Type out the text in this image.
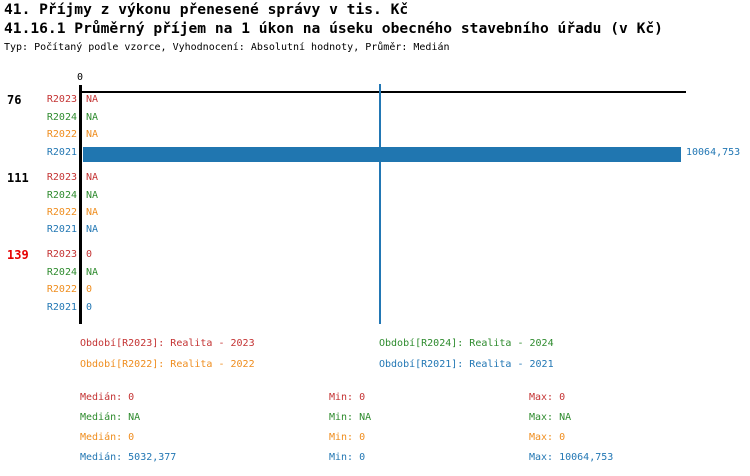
41. Příjmy z výkonu přenesené správy v tis. Kč
41.16.1 Průměrný příjem na 1 úkon na úseku obecného stavebního úřadu (v Kč)
Typ: Počítaný podle vzorce, Vyhodnocení: Absolutní hodnoty, Průměr: Medián
0
76	R2023 NA
R2024 NA
R2022 NA
R2021	10064,753
111	R2023 NA
R2024 NA
R2022 NA
R2021 NA
139	R2023 0
R2024 NA
R2022 0
R2021 0
Období[R2023]: Realita - 2023	Období[R2024]: Realita - 2024
Období[R2022]: Realita - 2022	Období[R2021]: Realita - 2021
Medián: 0	Min: 0	Max: 0
Medián: NA	Min: NA	Max: NA
Medián: 0	Min: 0	Max: 0
Medián: 5032,377	Min: 0	Max: 10064,753
